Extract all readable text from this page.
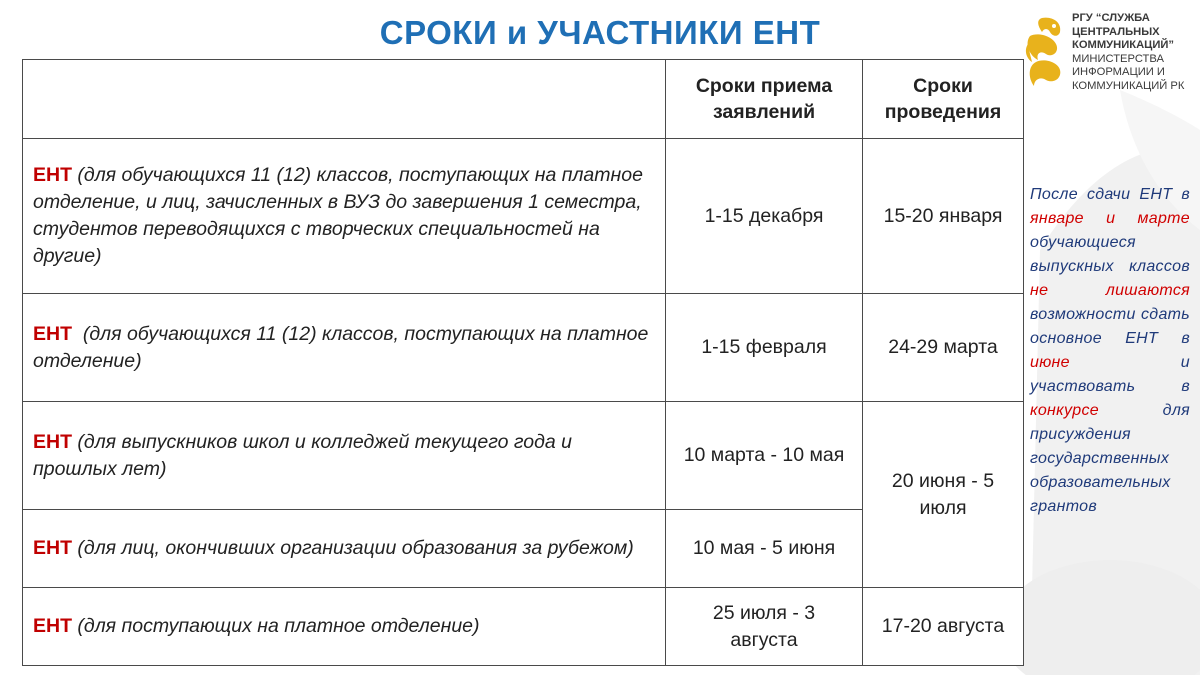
СРОКИ и УЧАСТНИКИ ЕНТ	РГУ “СЛУЖБА
ЦЕНТРАЛЬНЫХ
КОММУНИКАЦИЙ”
МИНИСТЕРСТВА
ИНФОРМАЦИИ И
КОММУНИКАЦИЙ РК
	Сроки приема заявлений	Сроки проведения
ЕНТ (для обучающихся 11 (12) классов, поступающих на платное отделение, и лиц, зачисленных в ВУЗ до завершения 1 семестра, студентов переводящихся с творческих специальностей на другие)	1-15 декабря	15-20 января
ЕНТ  (для обучающихся 11 (12) классов, поступающих на платное отделение)	1-15 февраля	24-29 марта
ЕНТ (для выпускников школ и колледжей текущего года и прошлых лет)	10 марта - 10 мая	20 июня - 5 июля
ЕНТ (для лиц, окончивших организации образования за рубежом)	10 мая - 5 июня	
ЕНТ (для поступающих на платное отделение)	25 июля - 3 августа	17-20 августа
После сдачи ЕНТ в январе и марте обучающиеся выпускных классов не лишаются возможности сдать основное ЕНТ в июне и участвовать в конкурсе для присуждения государственных образовательных грантов
